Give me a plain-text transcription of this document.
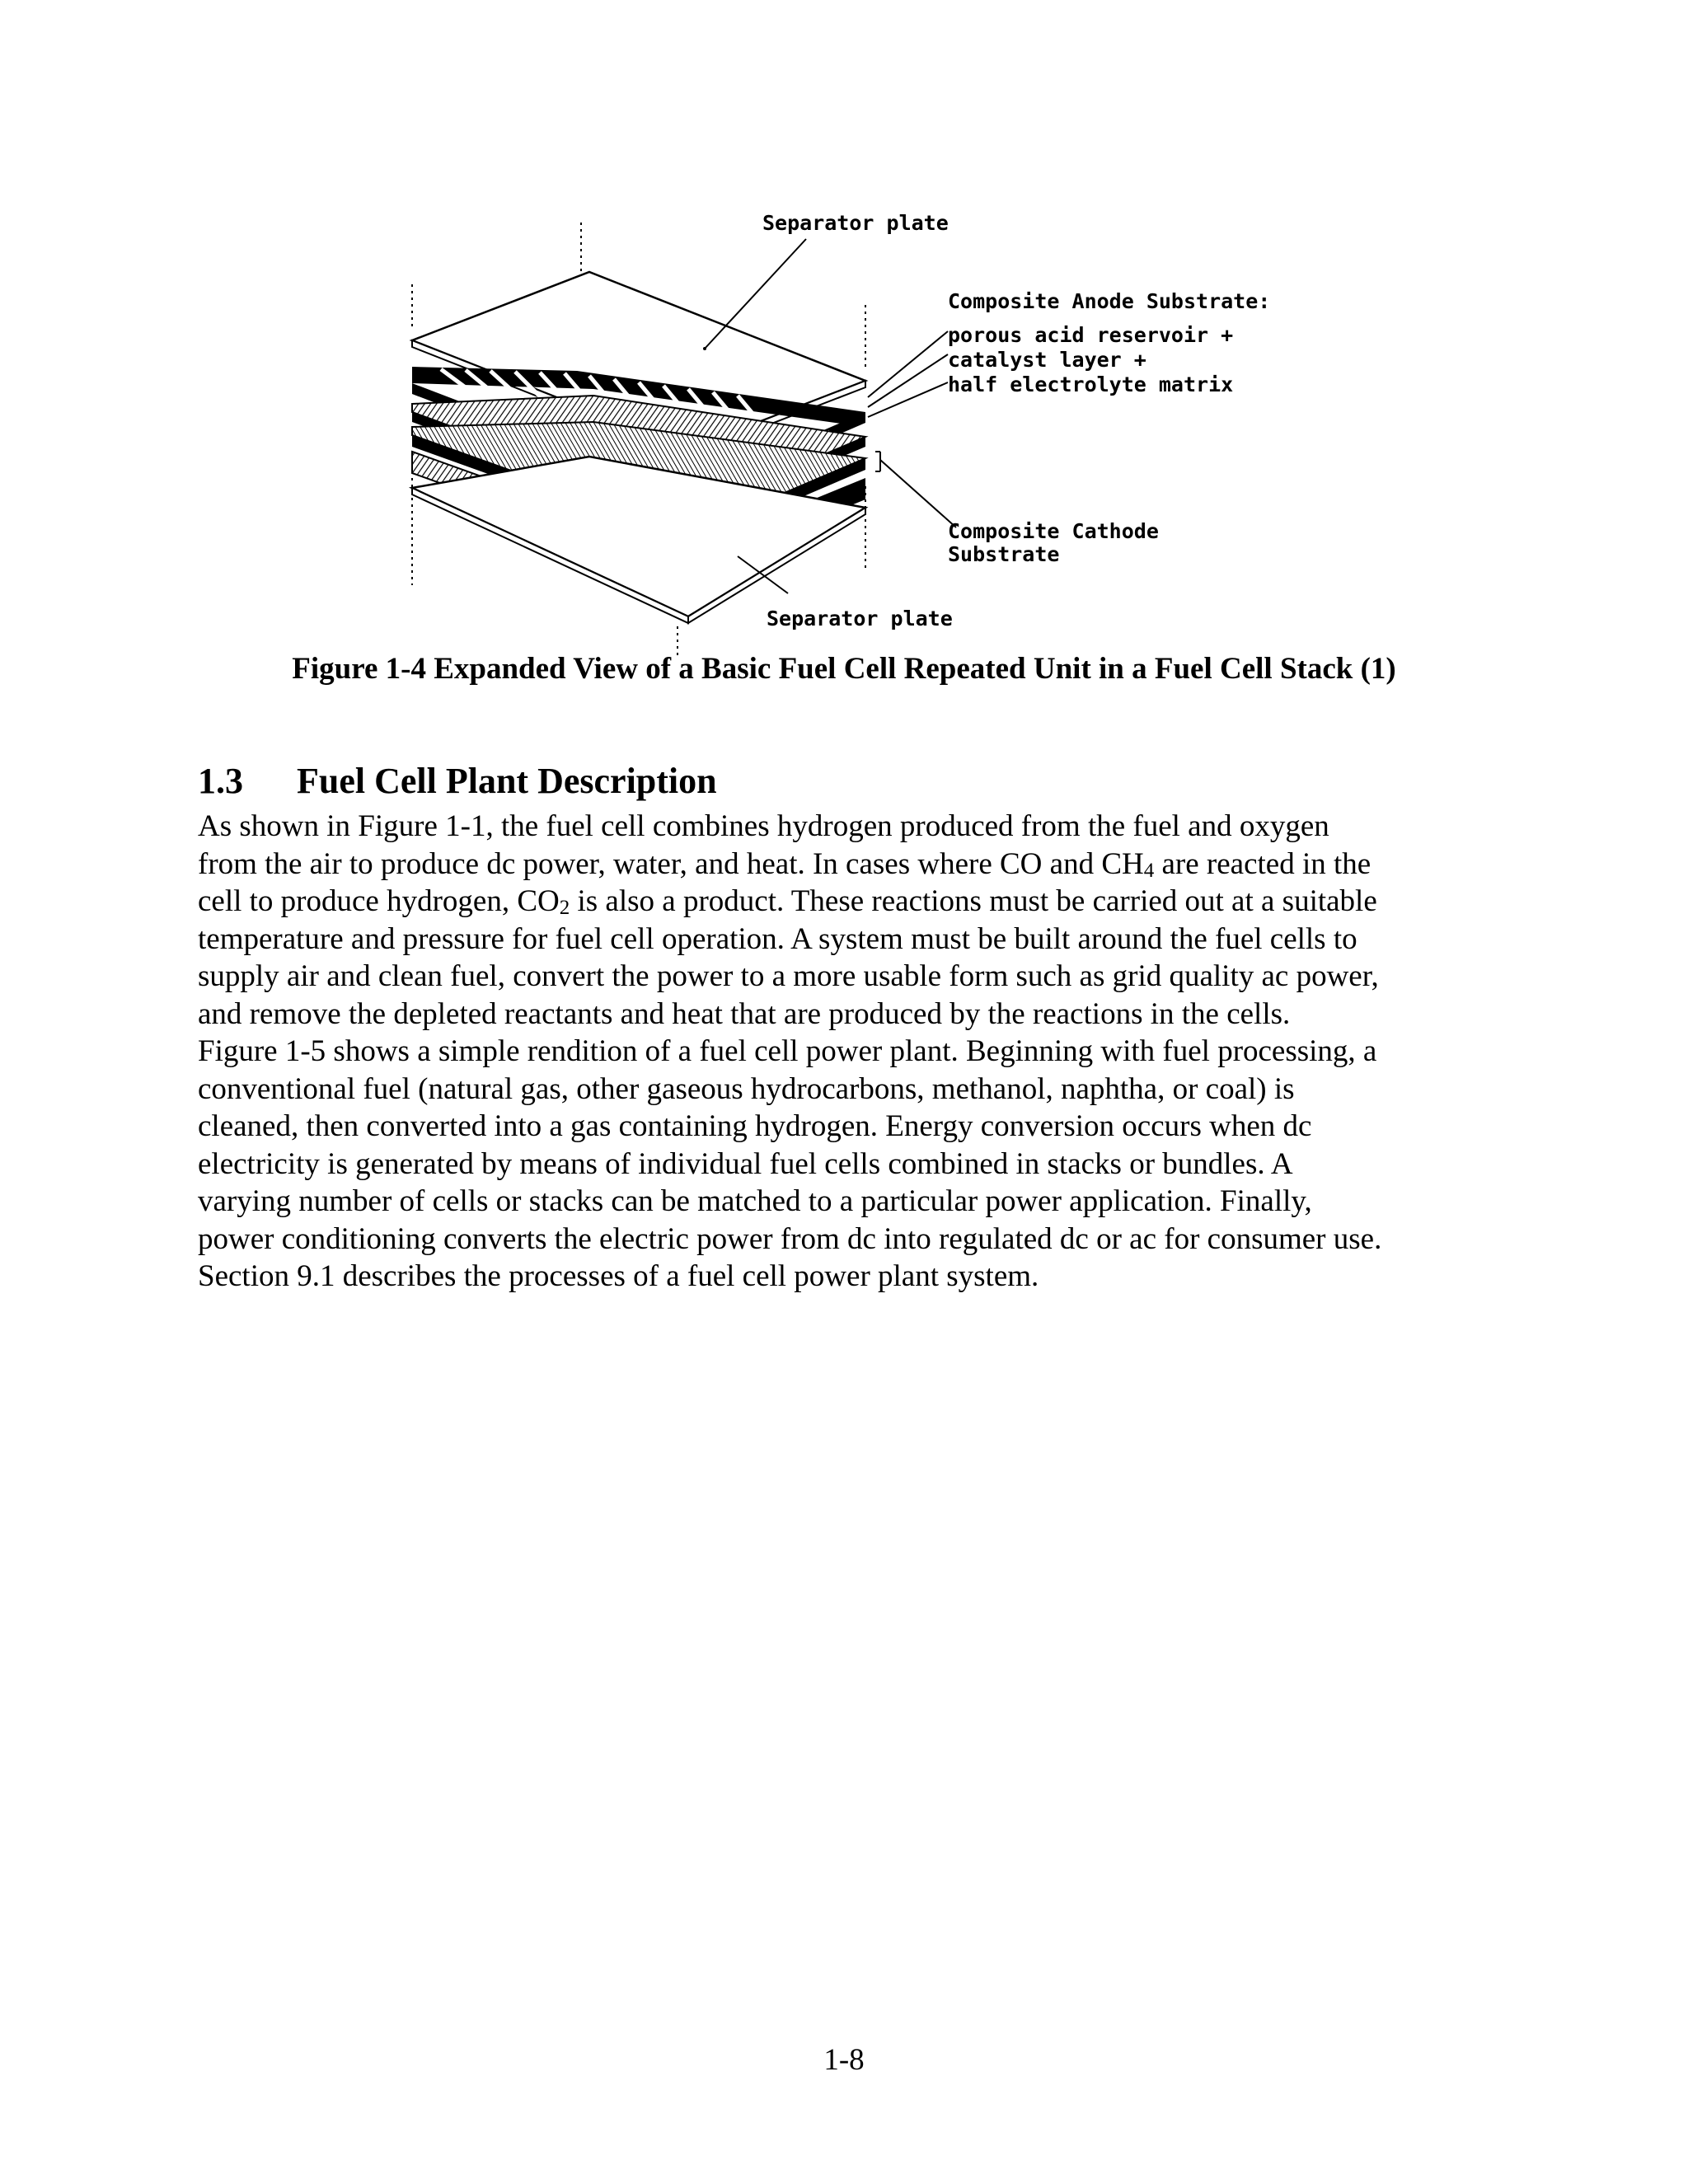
Separator plate
Composite Anode Substrate:
porous acid reservoir +
catalyst layer +
half electrolyte matrix
Composite Cathode
Substrate
Separator plate
Figure 1-4 Expanded View of a Basic Fuel Cell Repeated Unit in a Fuel Cell Stack (1)
1.3 Fuel Cell Plant Description
As shown in Figure 1-1, the fuel cell combines hydrogen produced from the fuel and oxygen
from the air to produce dc power, water, and heat. In cases where CO and $CH_4$ are reacted in the
cell to produce hydrogen, $CO_2$ is also a product. These reactions must be carried out at a suitable
temperature and pressure for fuel cell operation. A system must be built around the fuel cells to
supply air and clean fuel, convert the power to a more usable form such as grid quality ac power,
and remove the depleted reactants and heat that are produced by the reactions in the cells.
Figure 1-5 shows a simple rendition of a fuel cell power plant. Beginning with fuel processing, a
conventional fuel (natural gas, other gaseous hydrocarbons, methanol, naphtha, or coal) is
cleaned, then converted into a gas containing hydrogen. Energy conversion occurs when dc
electricity is generated by means of individual fuel cells combined in stacks or bundles. A
varying number of cells or stacks can be matched to a particular power application. Finally,
power conditioning converts the electric power from dc into regulated dc or ac for consumer use.
Section 9.1 describes the processes of a fuel cell power plant system.
1-8
